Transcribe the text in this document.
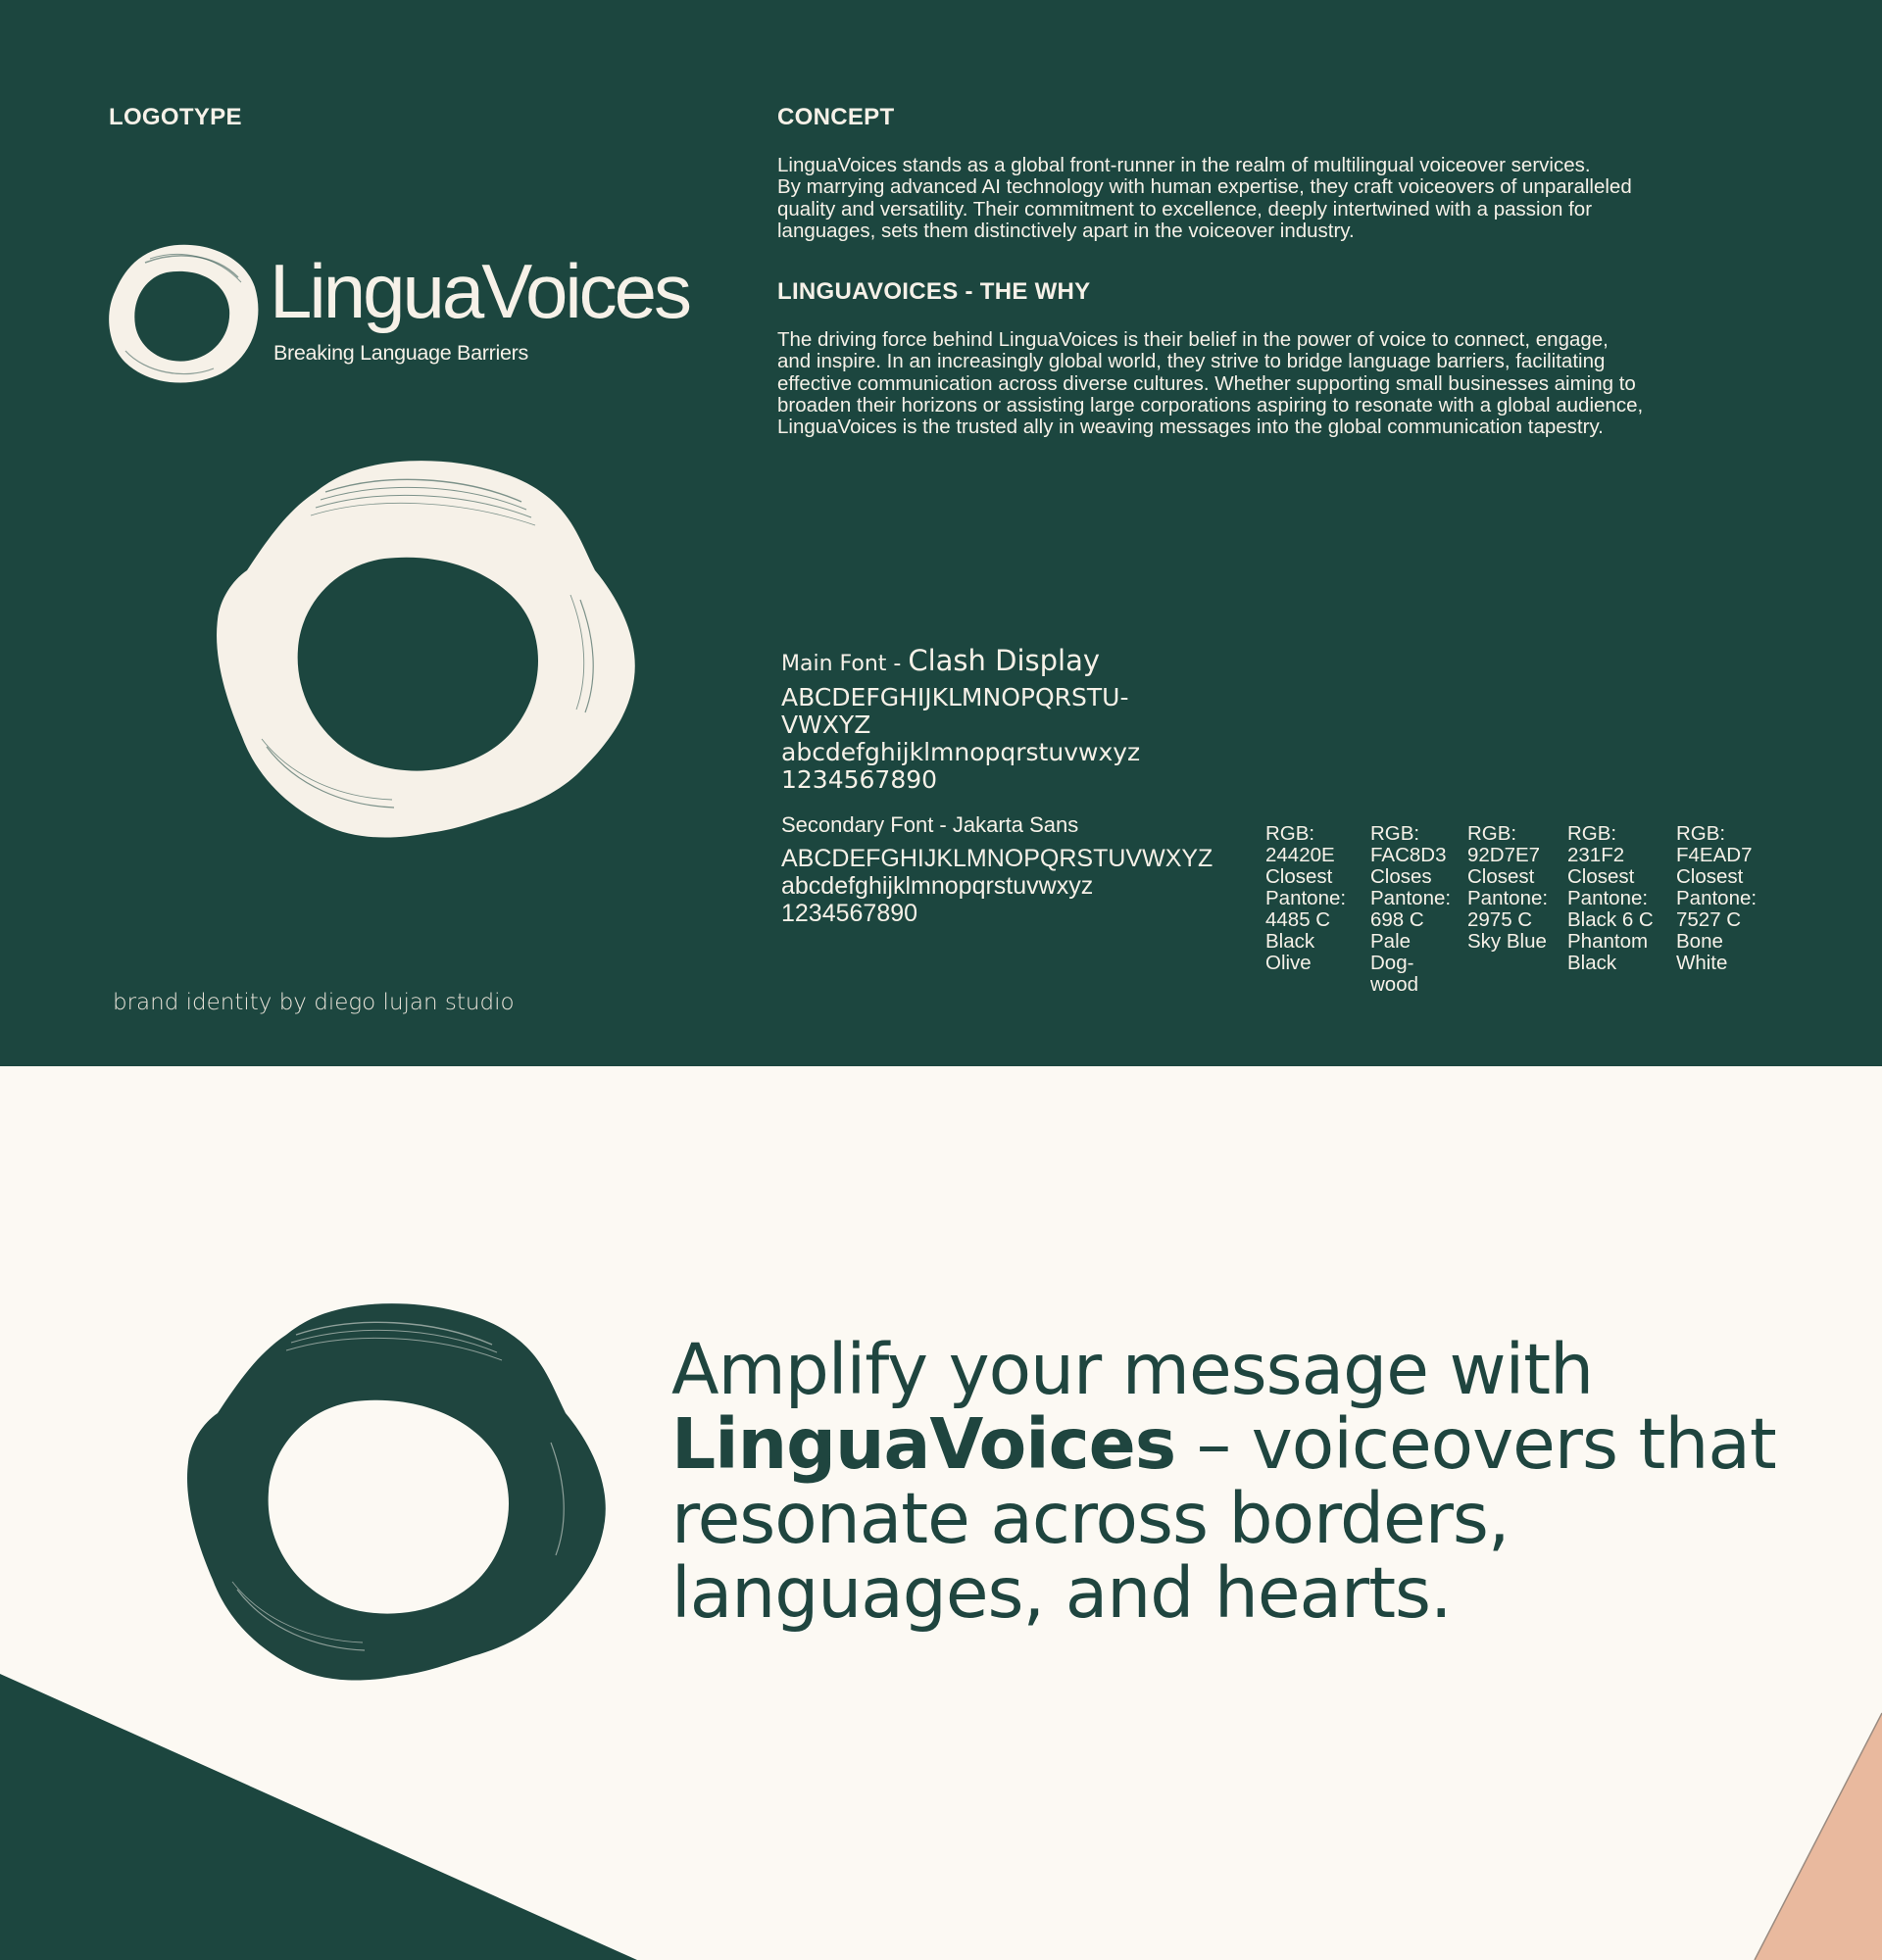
LOGOTYPE
LinguaVoices
Breaking Language Barriers
brand identity by diego lujan studio
CONCEPT
LinguaVoices stands as a global front-runner in the realm of multilingual voiceover services.
By marrying advanced AI technology with human expertise, they craft voiceovers of unparalleled
quality and versatility. Their commitment to excellence, deeply intertwined with a passion for
languages, sets them distinctively apart in the voiceover industry.
LINGUAVOICES - THE WHY
The driving force behind LinguaVoices is their belief in the power of voice to connect, engage,
and inspire. In an increasingly global world, they strive to bridge language barriers, facilitating
effective communication across diverse cultures. Whether supporting small businesses aiming to
broaden their horizons or assisting large corporations aspiring to resonate with a global audience,
LinguaVoices is the trusted ally in weaving messages into the global communication tapestry.
Main Font - Clash Display
ABCDEFGHIJKLMNOPQRSTU-
VWXYZ
abcdefghijklmnopqrstuvwxyz
1234567890
Secondary Font - Jakarta Sans
ABCDEFGHIJKLMNOPQRSTUVWXYZ
abcdefghijklmnopqrstuvwxyz
1234567890
RGB:
24420E
Closest
Pantone:
4485 C
Black
Olive
RGB:
FAC8D3
Closes
Pantone:
698 C
Pale
Dog-
wood
RGB:
92D7E7
Closest
Pantone:
2975 C
Sky Blue
RGB:
231F2
Closest
Pantone:
Black 6 C
Phantom
Black
RGB:
F4EAD7
Closest
Pantone:
7527 C
Bone
White
Amplify your message with
LinguaVoices – voiceovers that
resonate across borders,
languages, and hearts.
